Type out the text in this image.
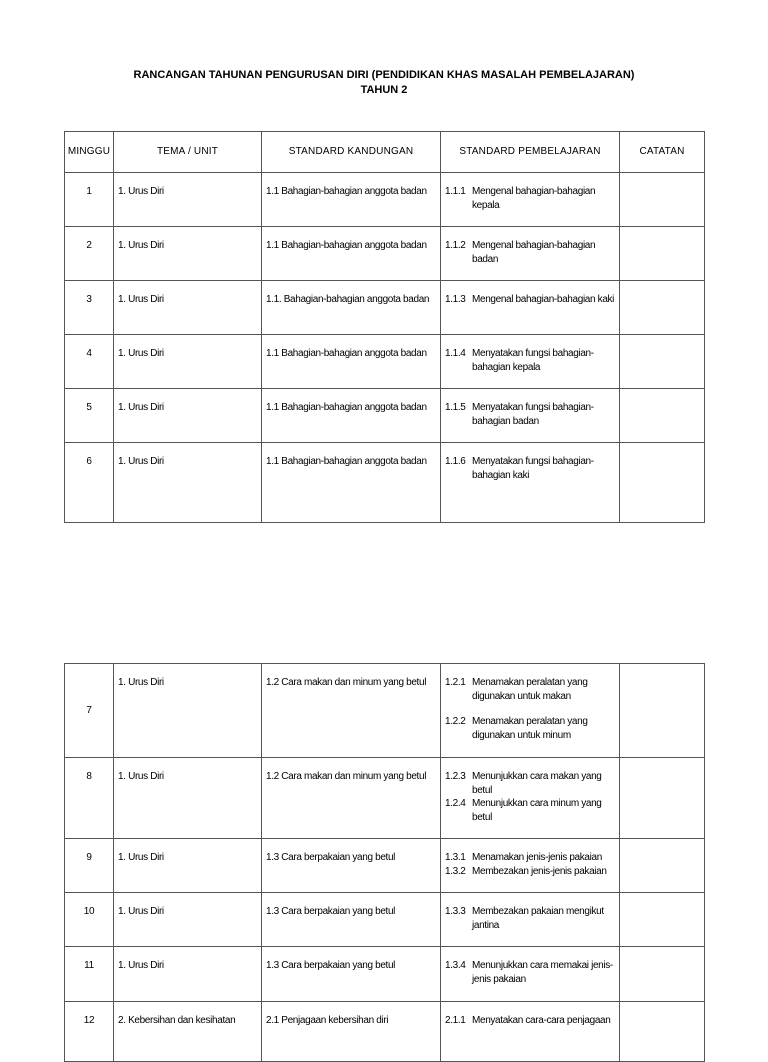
RANCANGAN TAHUNAN PENGURUSAN DIRI (PENDIDIKAN KHAS MASALAH PEMBELAJARAN)
TAHUN 2
MINGGU	TEMA / UNIT	STANDARD KANDUNGAN	STANDARD PEMBELAJARAN	CATATAN
1	1. Urus Diri	1.1 Bahagian-bahagian anggota badan	1.1.1 Mengenal bahagian-bahagian kepala	

2	1. Urus Diri	1.1 Bahagian-bahagian anggota badan	1.1.2 Mengenal bahagian-bahagian badan	

3	1. Urus Diri	1.1. Bahagian-bahagian anggota badan	1.1.3 Mengenal bahagian-bahagian kaki	

4	1. Urus Diri	1.1 Bahagian-bahagian anggota badan	1.1.4 Menyatakan fungsi bahagian-bahagian kepala	

5	1. Urus Diri	1.1 Bahagian-bahagian anggota badan	1.1.5 Menyatakan fungsi bahagian-bahagian badan	

6	1. Urus Diri	1.1 Bahagian-bahagian anggota badan	1.1.6 Menyatakan fungsi bahagian-bahagian kaki	

7	1. Urus Diri	1.2 Cara makan dan minum yang betul	1.2.1 Menamakan peralatan yang digunakan untuk makan
1.2.2 Menamakan peralatan yang digunakan untuk minum	

8	1. Urus Diri	1.2 Cara makan dan minum yang betul	1.2.3 Menunjukkan cara makan yang betul
1.2.4 Menunjukkan cara minum yang betul	

9	1. Urus Diri	1.3 Cara berpakaian yang betul	1.3.1 Menamakan jenis-jenis pakaian
1.3.2 Membezakan jenis-jenis pakaian	

10	1. Urus Diri	1.3 Cara berpakaian yang betul	1.3.3 Membezakan pakaian mengikut jantina	

11	1. Urus Diri	1.3 Cara berpakaian yang betul	1.3.4 Menunjukkan cara memakai jenis-jenis pakaian	

12	2. Kebersihan dan kesihatan	2.1 Penjagaan kebersihan diri	2.1.1 Menyatakan cara-cara penjagaan	
